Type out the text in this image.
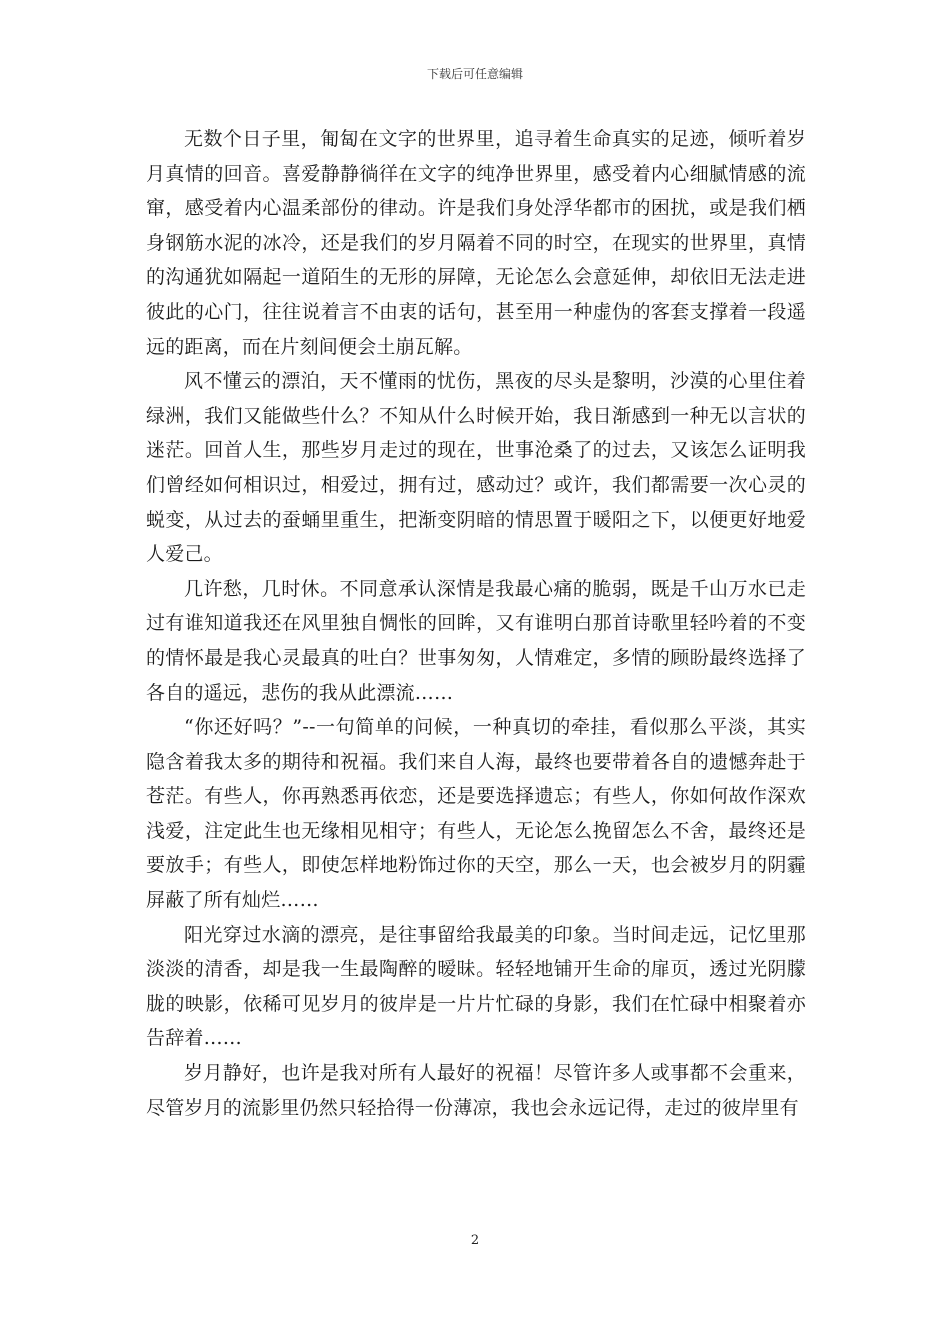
下载后可任意编辑

无数个日子里，匍匐在文字的世界里，追寻着生命真实的足迹，倾听着岁月真情的回音。喜爱静静徜徉在文字的纯净世界里，感受着内心细腻情感的流窜，感受着内心温柔部份的律动。许是我们身处浮华都市的困扰，或是我们栖身钢筋水泥的冰冷，还是我们的岁月隔着不同的时空，在现实的世界里，真情的沟通犹如隔起一道陌生的无形的屏障，无论怎么会意延伸，却依旧无法走进彼此的心门，往往说着言不由衷的话句，甚至用一种虚伪的客套支撑着一段遥远的距离，而在片刻间便会土崩瓦解。

风不懂云的漂泊，天不懂雨的忧伤，黑夜的尽头是黎明，沙漠的心里住着绿洲，我们又能做些什么？不知从什么时候开始，我日渐感到一种无以言状的迷茫。回首人生，那些岁月走过的现在，世事沧桑了的过去，又该怎么证明我们曾经如何相识过，相爱过，拥有过，感动过？或许，我们都需要一次心灵的蜕变，从过去的蚕蛹里重生，把渐变阴暗的情思置于暖阳之下，以便更好地爱人爱己。

几许愁，几时休。不同意承认深情是我最心痛的脆弱，既是千山万水已走过有谁知道我还在风里独自惆怅的回眸，又有谁明白那首诗歌里轻吟着的不变的情怀最是我心灵最真的吐白？世事匆匆，人情难定，多情的顾盼最终选择了各自的遥远，悲伤的我从此漂流……

“你还好吗？”--一句简单的问候，一种真切的牵挂，看似那么平淡，其实隐含着我太多的期待和祝福。我们来自人海，最终也要带着各自的遗憾奔赴于苍茫。有些人，你再熟悉再依恋，还是要选择遗忘；有些人，你如何故作深欢浅爱，注定此生也无缘相见相守；有些人，无论怎么挽留怎么不舍，最终还是要放手；有些人，即使怎样地粉饰过你的天空，那么一天，也会被岁月的阴霾屏蔽了所有灿烂……

阳光穿过水滴的漂亮，是往事留给我最美的印象。当时间走远，记忆里那淡淡的清香，却是我一生最陶醉的暧昧。轻轻地铺开生命的扉页，透过光阴朦胧的映影，依稀可见岁月的彼岸是一片片忙碌的身影，我们在忙碌中相聚着亦告辞着……

岁月静好，也许是我对所有人最好的祝福！尽管许多人或事都不会重来，尽管岁月的流影里仍然只轻拾得一份薄凉，我也会永远记得，走过的彼岸里有

2
